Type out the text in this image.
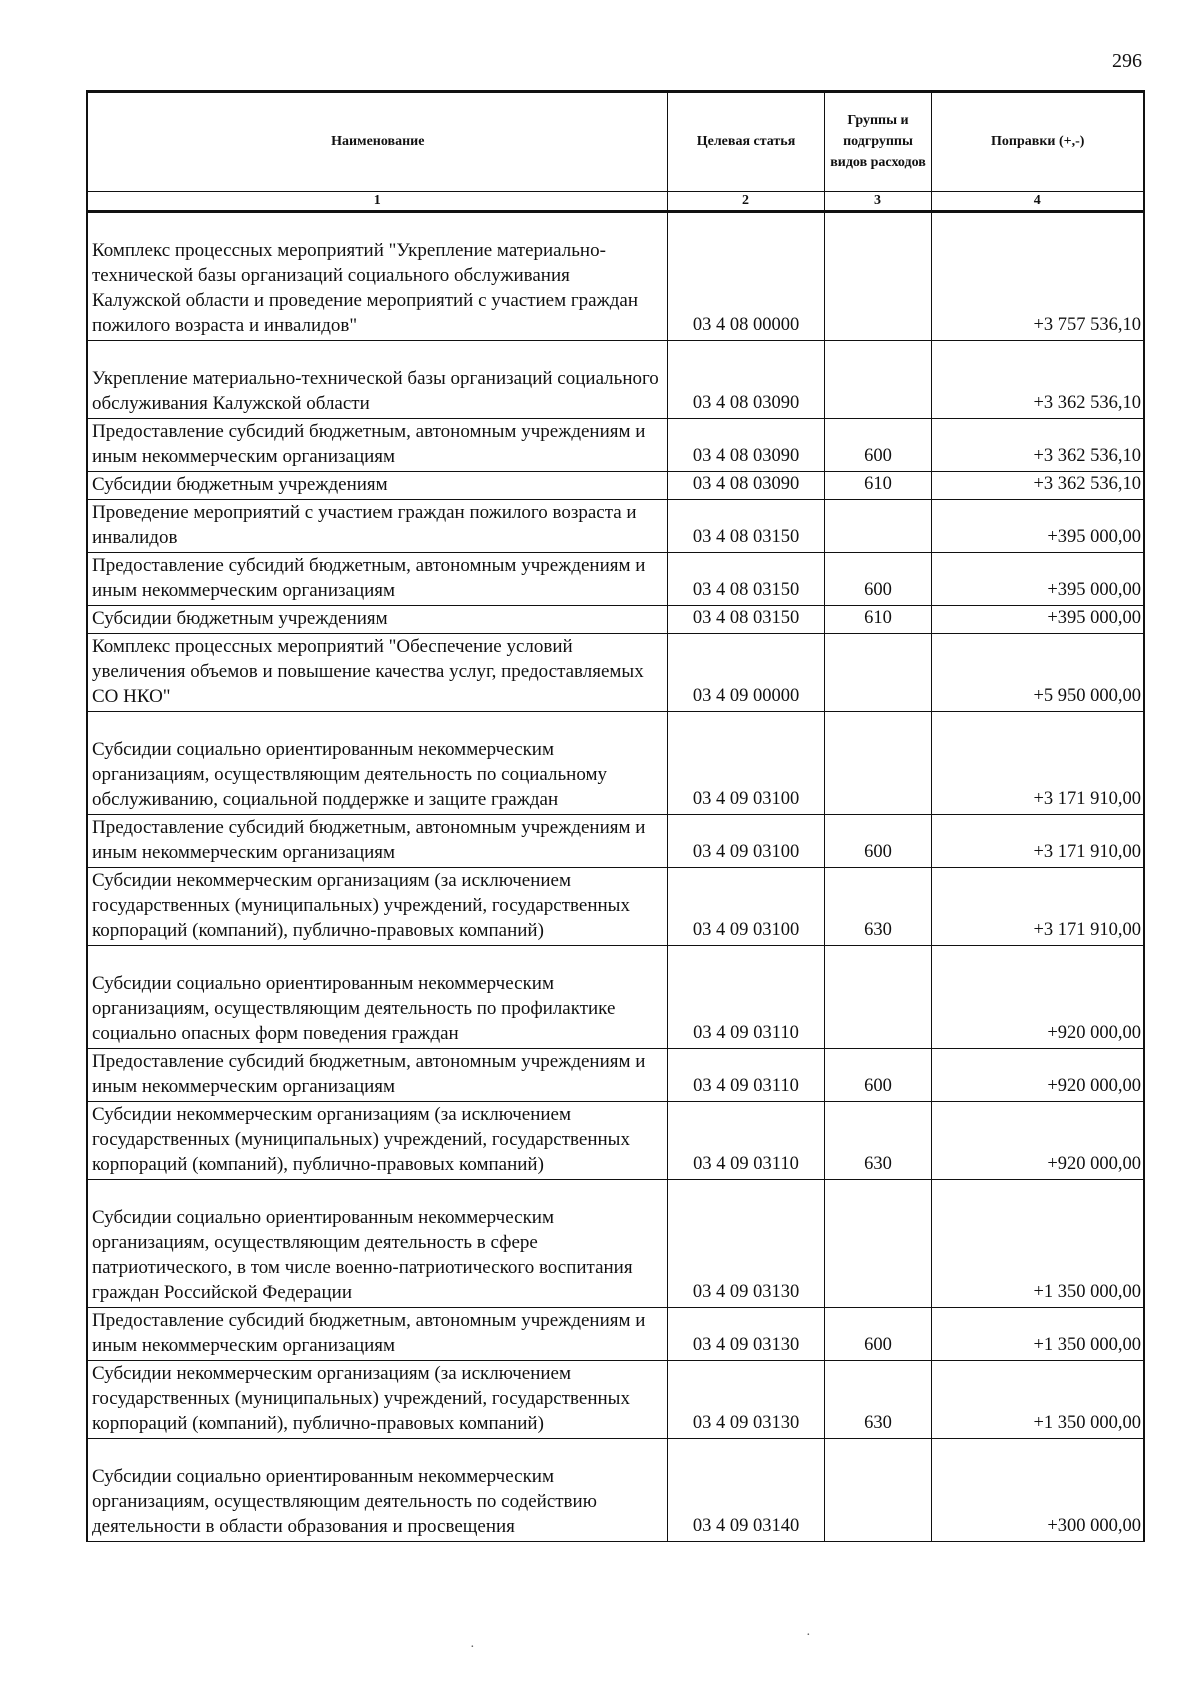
296
Наименование	Целевая статья	Группы и подгруппы видов расходов	Поправки (+,-)
1	2	3	4

Комплекс процессных мероприятий "Укрепление материально-технической базы организаций социального обслуживания Калужской области и проведение мероприятий с участием граждан пожилого возраста и инвалидов"	03 4 08 00000		+3 757 536,10

Укрепление материально-технической базы организаций социального обслуживания Калужской области	03 4 08 03090		+3 362 536,10
Предоставление субсидий бюджетным, автономным учреждениям и иным некоммерческим организациям	03 4 08 03090	600	+3 362 536,10
Субсидии бюджетным учреждениям	03 4 08 03090	610	+3 362 536,10
Проведение мероприятий с участием граждан пожилого возраста и инвалидов	03 4 08 03150		+395 000,00
Предоставление субсидий бюджетным, автономным учреждениям и иным некоммерческим организациям	03 4 08 03150	600	+395 000,00
Субсидии бюджетным учреждениям	03 4 08 03150	610	+395 000,00
Комплекс процессных мероприятий "Обеспечение условий увеличения объемов и повышение качества услуг, предоставляемых СО НКО"	03 4 09 00000		+5 950 000,00

Субсидии социально ориентированным некоммерческим организациям, осуществляющим деятельность по социальному обслуживанию, социальной поддержке и защите граждан	03 4 09 03100		+3 171 910,00
Предоставление субсидий бюджетным, автономным учреждениям и иным некоммерческим организациям	03 4 09 03100	600	+3 171 910,00
Субсидии некоммерческим организациям (за исключением государственных (муниципальных) учреждений, государственных корпораций (компаний), публично-правовых компаний)	03 4 09 03100	630	+3 171 910,00

Субсидии социально ориентированным некоммерческим организациям, осуществляющим деятельность по профилактике социально опасных форм поведения граждан	03 4 09 03110		+920 000,00
Предоставление субсидий бюджетным, автономным учреждениям и иным некоммерческим организациям	03 4 09 03110	600	+920 000,00
Субсидии некоммерческим организациям (за исключением государственных (муниципальных) учреждений, государственных корпораций (компаний), публично-правовых компаний)	03 4 09 03110	630	+920 000,00

Субсидии социально ориентированным некоммерческим организациям, осуществляющим деятельность в сфере патриотического, в том числе военно-патриотического воспитания граждан Российской Федерации	03 4 09 03130		+1 350 000,00
Предоставление субсидий бюджетным, автономным учреждениям и иным некоммерческим организациям	03 4 09 03130	600	+1 350 000,00
Субсидии некоммерческим организациям (за исключением государственных (муниципальных) учреждений, государственных корпораций (компаний), публично-правовых компаний)	03 4 09 03130	630	+1 350 000,00

Субсидии социально ориентированным некоммерческим организациям, осуществляющим деятельность по содействию деятельности в области образования и просвещения	03 4 09 03140		+300 000,00
·
·
